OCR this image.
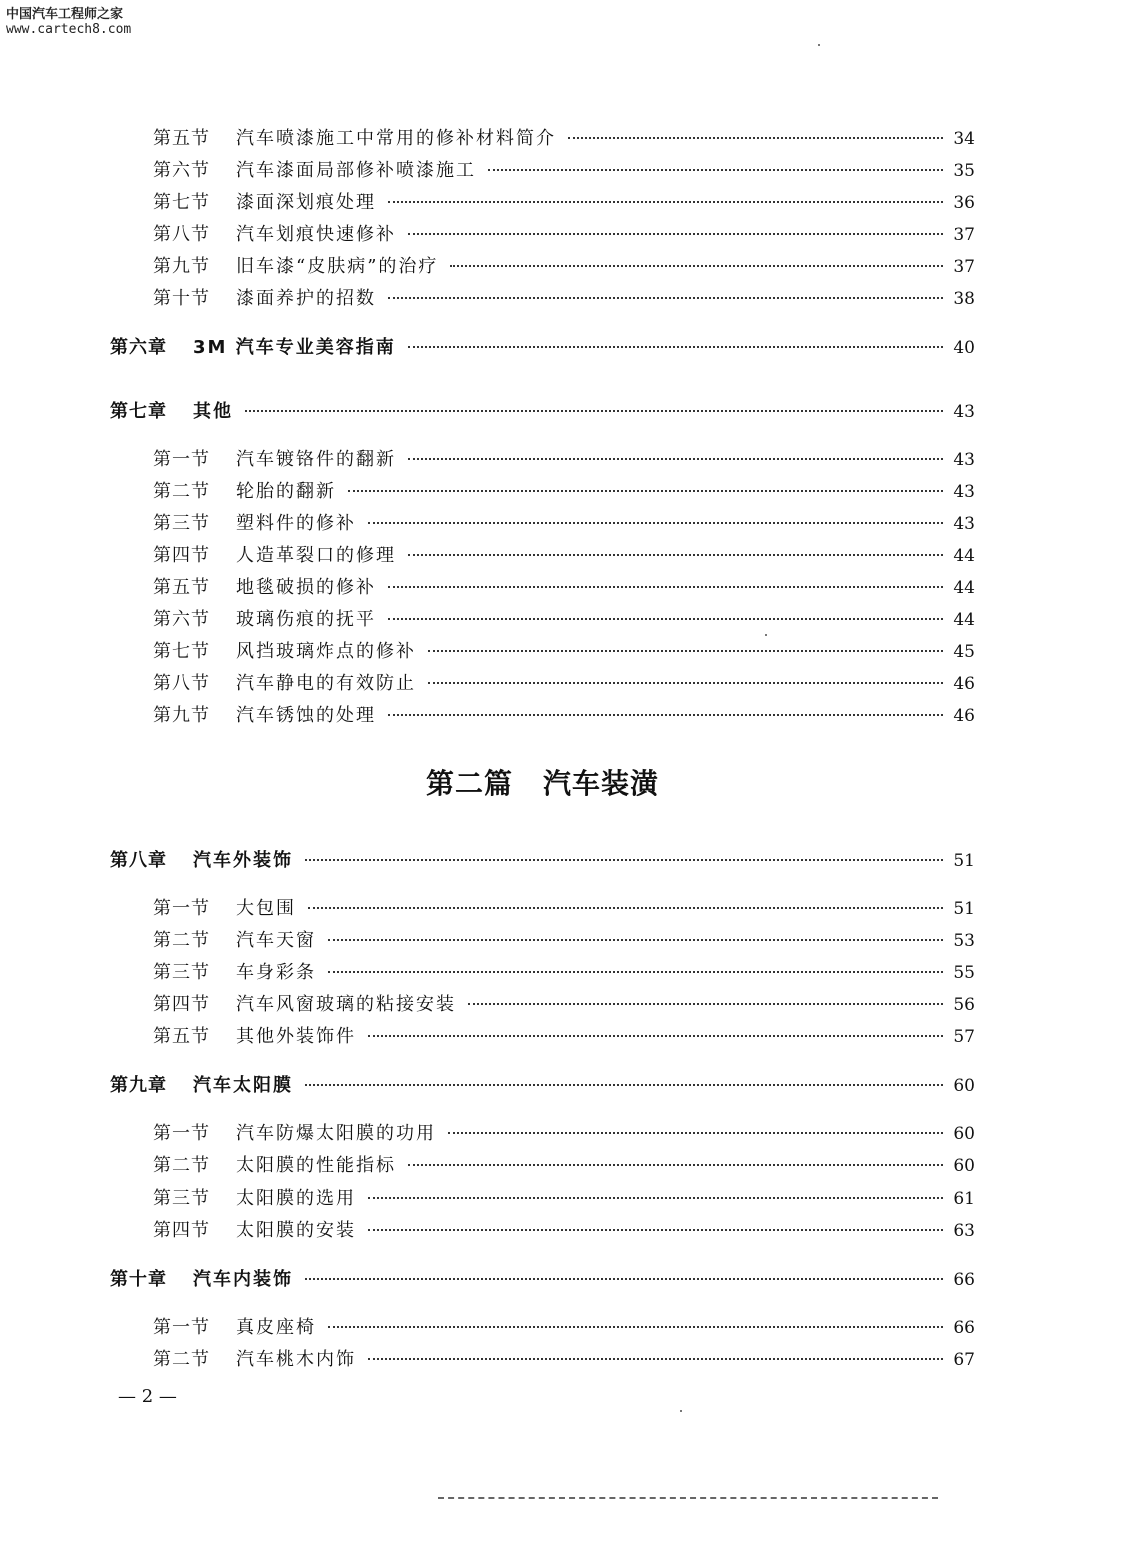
中国汽车工程师之家
www.cartech8.com
第五节 汽车喷漆施工中常用的修补材料简介	34
第六节 汽车漆面局部修补喷漆施工	35
第七节 漆面深划痕处理	36
第八节 汽车划痕快速修补	37
第九节 旧车漆“皮肤病”的治疗	37
第十节 漆面养护的招数	38
第六章 3M 汽车专业美容指南	40
第七章 其他	43
第一节 汽车镀铬件的翻新	43
第二节 轮胎的翻新	43
第三节 塑料件的修补	43
第四节 人造革裂口的修理	44
第五节 地毯破损的修补	44
第六节 玻璃伤痕的抚平	44
第七节 风挡玻璃炸点的修补	45
第八节 汽车静电的有效防止	46
第九节 汽车锈蚀的处理	46
第二篇 汽车装潢
第八章 汽车外装饰	51
第一节 大包围	51
第二节 汽车天窗	53
第三节 车身彩条	55
第四节 汽车风窗玻璃的粘接安装	56
第五节 其他外装饰件	57
第九章 汽车太阳膜	60
第一节 汽车防爆太阳膜的功用	60
第二节 太阳膜的性能指标	60
第三节 太阳膜的选用	61
第四节 太阳膜的安装	63
第十章 汽车内装饰	66
第一节 真皮座椅	66
第二节 汽车桃木内饰	67
— 2 —
